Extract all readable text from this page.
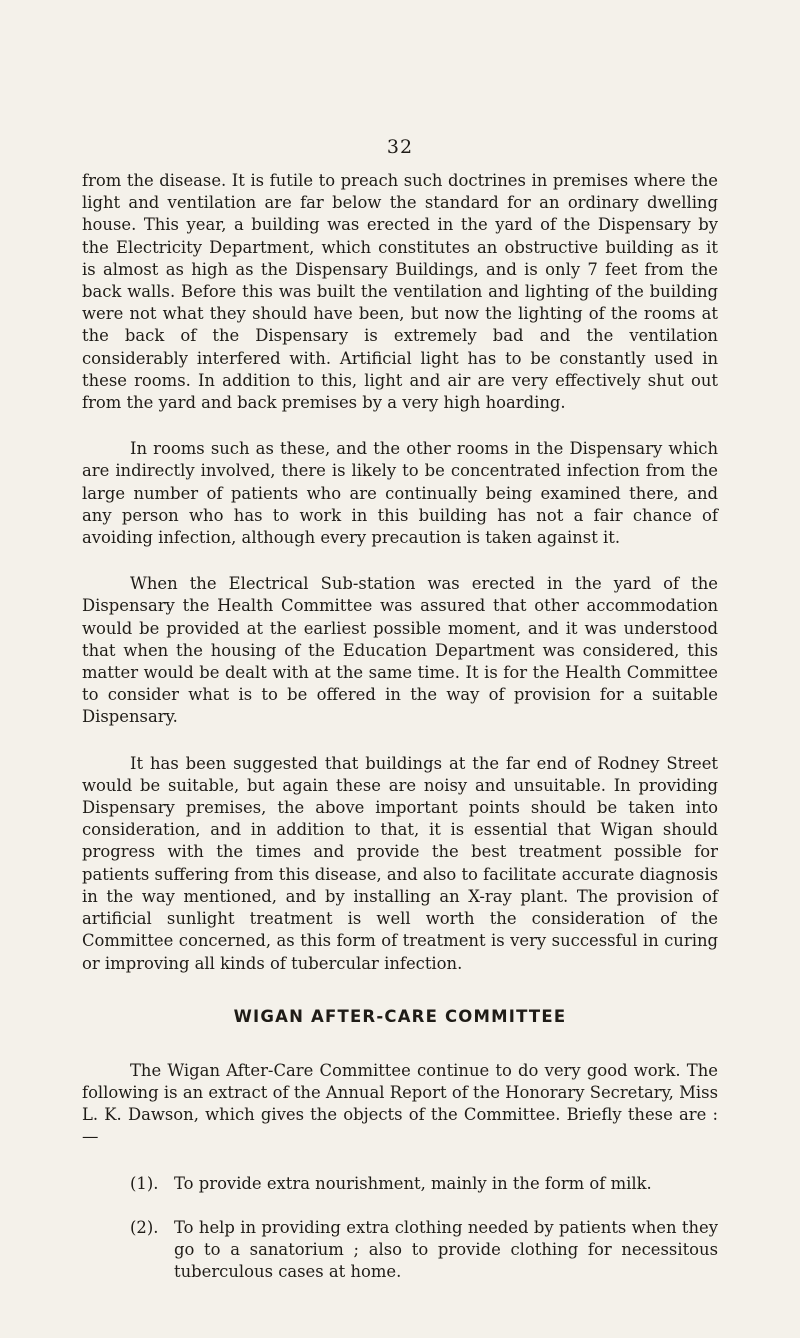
32

from the disease. It is futile to preach such doctrines in premises where the light and ventilation are far below the standard for an ordinary dwelling house. This year, a building was erected in the yard of the Dispensary by the Electricity Department, which constitutes an obstructive building as it is almost as high as the Dispensary Buildings, and is only 7 feet from the back walls. Before this was built the ventilation and lighting of the building were not what they should have been, but now the lighting of the rooms at the back of the Dispensary is extremely bad and the ventilation considerably interfered with. Artificial light has to be constantly used in these rooms. In addition to this, light and air are very effectively shut out from the yard and back premises by a very high hoarding.

In rooms such as these, and the other rooms in the Dispensary which are indirectly involved, there is likely to be concentrated infection from the large number of patients who are continually being examined there, and any person who has to work in this building has not a fair chance of avoiding infection, although every precaution is taken against it.

When the Electrical Sub-station was erected in the yard of the Dispensary the Health Committee was assured that other accommodation would be provided at the earliest possible moment, and it was understood that when the housing of the Education Department was considered, this matter would be dealt with at the same time. It is for the Health Committee to consider what is to be offered in the way of provision for a suitable Dispensary.

It has been suggested that buildings at the far end of Rodney Street would be suitable, but again these are noisy and unsuitable. In providing Dispensary premises, the above important points should be taken into consideration, and in addition to that, it is essential that Wigan should progress with the times and provide the best treatment possible for patients suffering from this disease, and also to facilitate accurate diagnosis in the way mentioned, and by installing an X-ray plant. The provision of artificial sunlight treatment is well worth the consideration of the Committee concerned, as this form of treatment is very successful in curing or improving all kinds of tubercular infection.

WIGAN AFTER-CARE COMMITTEE

The Wigan After-Care Committee continue to do very good work. The following is an extract of the Annual Report of the Honorary Secretary, Miss L. K. Dawson, which gives the objects of the Committee. Briefly these are :—

(1). To provide extra nourishment, mainly in the form of milk.
(2). To help in providing extra clothing needed by patients when they go to a sanatorium ; also to provide clothing for necessitous tuberculous cases at home.
